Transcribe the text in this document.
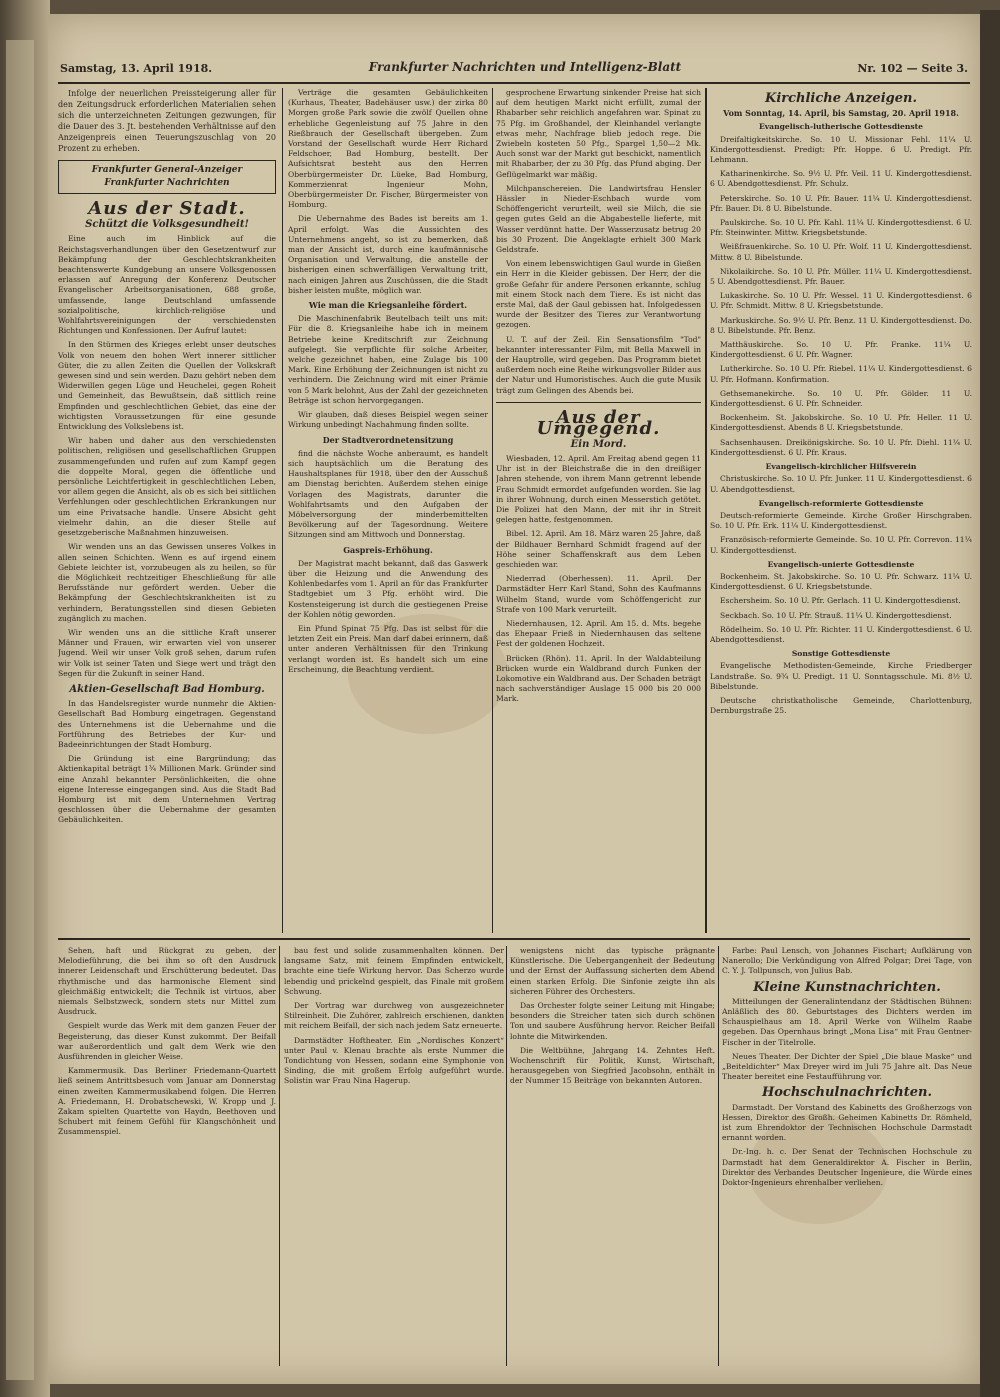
Samstag, 13. April 1918.	Frankfurter Nachrichten und Intelligenz-Blatt	Nr. 102 — Seite 3.

Infolge der neuerlichen Preissteigerung aller für den Zeitungsdruck erforderlichen Materialien sehen sich die unterzeichneten Zeitungen gezwungen, für die Dauer des 3. Jt. bestehenden Verhältnisse auf den Anzeigenpreis einen Teuerungszuschlag von 20 Prozent zu erheben.

Frankfurter General-Anzeiger
Frankfurter Nachrichten
Aus der Stadt.
Schützt die Volksgesundheit!

Eine auch im Hinblick auf die Reichstagsverhandlungen über den Gesetzentwurf zur Bekämpfung der Geschlechtskrankheiten beachtenswerte Kundgebung an unsere Volksgenossen erlassen auf Anregung der Konferenz Deutscher Evangelischer Arbeitsorganisationen, 688 große, umfassende, lange Deutschland umfassende sozialpolitische, kirchlich-religiöse und Wohlfahrtsvereinigungen der verschiedensten Richtungen und Konfessionen. Der Aufruf lautet:

In den Stürmen des Krieges erlebt unser deutsches Volk von neuem den hohen Wert innerer sittlicher Güter, die zu allen Zeiten die Quellen der Volkskraft gewesen sind und sein werden. Dazu gehört neben dem Widerwillen gegen Lüge und Heuchelei, gegen Roheit und Gemeinheit, das Bewußtsein, daß sittlich reine Empfinden und geschlechtlichen Gebiet, das eine der wichtigsten Voraussetzungen für eine gesunde Entwicklung des Volkslebens ist.

Wir haben und daher aus den verschiedensten politischen, religiösen und gesellschaftlichen Gruppen zusammengefunden und rufen auf zum Kampf gegen die doppelte Moral, gegen die öffentliche und persönliche Leichtfertigkeit in geschlechtlichen Leben, vor allem gegen die Ansicht, als ob es sich bei sittlichen Verfehlungen oder geschlechtlichen Erkrankungen nur um eine Privatsache handle. Unsere Absicht geht vielmehr dahin, an die dieser Stelle auf gesetzgeberische Maßnahmen hinzuweisen.

Wir wenden uns an das Gewissen unseres Volkes in allen seinen Schichten. Wenn es auf irgend einem Gebiete leichter ist, vorzubeugen als zu heilen, so für die Möglichkeit rechtzeitiger Eheschließung für alle Berufsstände nur gefördert werden. Ueber die Bekämpfung der Geschlechtskrankheiten ist zu verhindern, Beratungsstellen sind diesen Gebieten zugänglich zu machen.

Wir wenden uns an die sittliche Kraft unserer Männer und Frauen, wir erwarten viel von unserer Jugend. Weil wir unser Volk groß sehen, darum rufen wir Volk ist seiner Taten und Siege wert und trägt den Segen für die Zukunft in seiner Hand.

Aktien-Gesellschaft Bad Homburg.

In das Handelsregister wurde nunmehr die Aktien-Gesellschaft Bad Homburg eingetragen. Gegenstand des Unternehmens ist die Uebernahme und die Fortführung des Betriebes der Kur- und Badeeinrichtungen der Stadt Homburg.

Die Gründung ist eine Bargründung; das Aktienkapital beträgt 1¾ Millionen Mark. Gründer sind eine Anzahl bekannter Persönlichkeiten, die ohne eigene Interesse eingegangen sind. Aus die Stadt Bad Homburg ist mit dem Unternehmen Vertrag geschlossen über die Uebernahme der gesamten Gebäulichkeiten.

Verträge die gesamten Gebäulichkeiten (Kurhaus, Theater, Badehäuser usw.) der zirka 80 Morgen große Park sowie die zwölf Quellen ohne erhebliche Gegenleistung auf 75 Jahre in den Rießbrauch der Gesellschaft übergeben. Zum Vorstand der Gesellschaft wurde Herr Richard Feldschoer, Bad Homburg, bestellt. Der Aufsichtsrat besteht aus den Herren Oberbürgermeister Dr. Lüeke, Bad Homburg, Kommerzienrat Ingenieur Mohn, Oberbürgermeister Dr. Fischer, Bürgermeister von Homburg.

Die Uebernahme des Bades ist bereits am 1. April erfolgt. Was die Aussichten des Unternehmens angeht, so ist zu bemerken, daß man der Ansicht ist, durch eine kaufmännische Organisation und Verwaltung, die anstelle der bisherigen einen schwerfälligen Verwaltung tritt, nach einigen Jahren aus Zuschüssen, die die Stadt bisher leisten mußte, möglich war.

Wie man die Kriegsanleihe fördert.

Die Maschinenfabrik Beutelbach teilt uns mit: Für die 8. Kriegsanleihe habe ich in meinem Betriebe keine Kreditschrift zur Zeichnung aufgelegt. Sie verpflichte für solche Arbeiter, welche gezeichnet haben, eine Zulage bis 100 Mark. Eine Erhöhung der Zeichnungen ist nicht zu verhindern. Die Zeichnung wird mit einer Prämie von 5 Mark belohnt, Aus der Zahl der gezeichneten Beträge ist schon hervorgegangen.

Wir glauben, daß dieses Beispiel wegen seiner Wirkung unbedingt Nachahmung finden sollte.

Der Stadtverordnetensitzung

find die nächste Woche anberaumt, es handelt sich hauptsächlich um die Beratung des Haushaltsplanes für 1918, über den der Ausschuß am Dienstag berichten. Außerdem stehen einige Vorlagen des Magistrats, darunter die Wohlfahrtsamts und den Aufgaben der Möbelversorgung der minderbemittelten Bevölkerung auf der Tagesordnung. Weitere Sitzungen sind am Mittwoch und Donnerstag.

Gaspreis-Erhöhung.

Der Magistrat macht bekannt, daß das Gaswerk über die Heizung und die Anwendung des Kohlenbedarfes vom 1. April an für das Frankfurter Stadtgebiet um 3 Pfg. erhöht wird. Die Kostensteigerung ist durch die gestiegenen Preise der Kohlen nötig geworden.

Ein Pfund Spinat 75 Pfg. Das ist selbst für die letzten Zeit ein Preis. Man darf dabei erinnern, daß unter anderen Verhältnissen für den Trinkung verlangt worden ist. Es handelt sich um eine Erscheinung, die Beachtung verdient.

gesprochene Erwartung sinkender Preise hat sich auf dem heutigen Markt nicht erfüllt, zumal der Rhabarber sehr reichlich angefahren war. Spinat zu 75 Pfg. im Großhandel, der Kleinhandel verlangte etwas mehr, Nachfrage blieb jedoch rege. Die Zwiebeln kosteten 50 Pfg., Spargel 1,50—2 Mk. Auch sonst war der Markt gut beschickt, namentlich mit Rhabarber, der zu 30 Pfg. das Pfund abging. Der Geflügelmarkt war mäßig.

Milchpanschereien. Die Landwirtsfrau Hensler Hässler in Nieder-Eschbach wurde vom Schöffengericht verurteilt, weil sie Milch, die sie gegen gutes Geld an die Abgabestelle lieferte, mit Wasser verdünnt hatte. Der Wasserzusatz betrug 20 bis 30 Prozent. Die Angeklagte erhielt 300 Mark Geldstrafe.

Von einem lebenswichtigen Gaul wurde in Gießen ein Herr in die Kleider gebissen. Der Herr, der die große Gefahr für andere Personen erkannte, schlug mit einem Stock nach dem Tiere. Es ist nicht das erste Mal, daß der Gaul gebissen hat. Infolgedessen wurde der Besitzer des Tieres zur Verantwortung gezogen.

U. T. auf der Zeil. Ein Sensationsfilm "Tod" bekannter interessanter Film, mit Bella Maxwell in der Hauptrolle, wird gegeben. Das Programm bietet außerdem noch eine Reihe wirkungsvoller Bilder aus der Natur und Humoristisches. Auch die gute Musik trägt zum Gelingen des Abends bei.

Aus der Umgegend.
Ein Mord.

Wiesbaden, 12. April. Am Freitag abend gegen 11 Uhr ist in der Bleichstraße die in den dreißiger Jahren stehende, von ihrem Mann getrennt lebende Frau Schmidt ermordet aufgefunden worden. Sie lag in ihrer Wohnung, durch einen Messerstich getötet. Die Polizei hat den Mann, der mit ihr in Streit gelegen hatte, festgenommen.

Bibel. 12. April. Am 18. März waren 25 Jahre, daß der Bildhauer Bernhard Schmidt fragend auf der Höhe seiner Schaffenskraft aus dem Leben geschieden war.

Niederrad (Oberhessen). 11. April. Der Darmstädter Herr Karl Stand, Sohn des Kaufmanns Wilhelm Stand, wurde vom Schöffengericht zur Strafe von 100 Mark verurteilt.

Niedernhausen, 12. April. Am 15. d. Mts. begehe das Ehepaar Frieß in Niedernhausen das seltene Fest der goldenen Hochzeit.

Brücken (Rhön). 11. April. In der Waldabteilung Brücken wurde ein Waldbrand durch Funken der Lokomotive ein Waldbrand aus. Der Schaden beträgt nach sachverständiger Auslage 15 000 bis 20 000 Mark.

Kirchliche Anzeigen.
Vom Sonntag, 14. April, bis Samstag, 20. April 1918.
Evangelisch-lutherische Gottesdienste

Dreifaltigkeitskirche. So. 10 U. Missionar Fehl. 11¼ U. Kindergottesdienst. Predigt: Pfr. Hoppe. 6 U. Predigt. Pfr. Lehmann.

Katharinenkirche. So. 9½ U. Pfr. Veil. 11 U. Kindergottesdienst. 6 U. Abendgottesdienst. Pfr. Schulz.

Peterskirche. So. 10 U. Pfr. Bauer. 11¼ U. Kindergottesdienst. Pfr. Bauer. Di. 8 U. Bibelstunde.

Paulskirche. So. 10 U. Pfr. Kahl. 11¼ U. Kindergottesdienst. 6 U. Pfr. Steinwinter. Mittw. Kriegsbetstunde.

Weißfrauenkirche. So. 10 U. Pfr. Wolf. 11 U. Kindergottesdienst. Mittw. 8 U. Bibelstunde.

Nikolaikirche. So. 10 U. Pfr. Müller. 11¼ U. Kindergottesdienst. 5 U. Abendgottesdienst. Pfr. Bauer.

Lukaskirche. So. 10 U. Pfr. Wessel. 11 U. Kindergottesdienst. 6 U. Pfr. Schmidt. Mittw. 8 U. Kriegsbetstunde.

Markuskirche. So. 9½ U. Pfr. Benz. 11 U. Kindergottesdienst. Do. 8 U. Bibelstunde. Pfr. Benz.

Matthäuskirche. So. 10 U. Pfr. Franke. 11¼ U. Kindergottesdienst. 6 U. Pfr. Wagner.

Lutherkirche. So. 10 U. Pfr. Riebel. 11¼ U. Kindergottesdienst. 6 U. Pfr. Hofmann. Konfirmation.

Gethsemanekirche. So. 10 U. Pfr. Gölder. 11 U. Kindergottesdienst. 6 U. Pfr. Schneider.

Bockenheim. St. Jakobskirche. So. 10 U. Pfr. Heller. 11 U. Kindergottesdienst. Abends 8 U. Kriegsbetstunde.

Sachsenhausen. Dreikönigskirche. So. 10 U. Pfr. Diehl. 11¼ U. Kindergottesdienst. 6 U. Pfr. Kraus.

Evangelisch-kirchlicher Hilfsverein

Christuskirche. So. 10 U. Pfr. Junker. 11 U. Kindergottesdienst. 6 U. Abendgottesdienst.

Evangelisch-reformierte Gottesdienste

Deutsch-reformierte Gemeinde. Kirche Großer Hirschgraben. So. 10 U. Pfr. Erk. 11¼ U. Kindergottesdienst.

Französisch-reformierte Gemeinde. So. 10 U. Pfr. Correvon. 11¼ U. Kindergottesdienst.

Evangelisch-unierte Gottesdienste

Bockenheim. St. Jakobskirche. So. 10 U. Pfr. Schwarz. 11¼ U. Kindergottesdienst. 6 U. Kriegsbetstunde.

Eschersheim. So. 10 U. Pfr. Gerlach. 11 U. Kindergottesdienst.

Seckbach. So. 10 U. Pfr. Strauß. 11¼ U. Kindergottesdienst.

Rödelheim. So. 10 U. Pfr. Richter. 11 U. Kindergottesdienst. 6 U. Abendgottesdienst.

Sonstige Gottesdienste

Evangelische Methodisten-Gemeinde, Kirche Friedberger Landstraße. So. 9¾ U. Predigt. 11 U. Sonntagsschule. Mi. 8½ U. Bibelstunde.

Deutsche christkatholische Gemeinde, Charlottenburg, Dernburgstraße 25.

Sehen, haft und Rückgrat zu geben, der Melodieführung, die bei ihm so oft den Ausdruck innerer Leidenschaft und Erschütterung bedeutet. Das rhythmische und das harmonische Element sind gleichmäßig entwickelt; die Technik ist virtuos, aber niemals Selbstzweck, sondern stets nur Mittel zum Ausdruck.

Gespielt wurde das Werk mit dem ganzen Feuer der Begeisterung, das dieser Kunst zukommt. Der Beifall war außerordentlich und galt dem Werk wie den Ausführenden in gleicher Weise.

Kammermusik. Das Berliner Friedemann-Quartett ließ seinem Antrittsbesuch vom Januar am Donnerstag einen zweiten Kammermusikabend folgen. Die Herren A. Friedemann, H. Drobatschewski, W. Kropp und J. Zakam spielten Quartette von Haydn, Beethoven und Schubert mit feinem Gefühl für Klangschönheit und Zusammenspiel.

bau fest und solide zusammenhalten können. Der langsame Satz, mit feinem Empfinden entwickelt, brachte eine tiefe Wirkung hervor. Das Scherzo wurde lebendig und prickelnd gespielt, das Finale mit großem Schwung.

Der Vortrag war durchweg von ausgezeichneter Stilreinheit. Die Zuhörer, zahlreich erschienen, dankten mit reichem Beifall, der sich nach jedem Satz erneuerte.

Darmstädter Hoftheater. Ein „Nordisches Konzert“ unter Paul v. Klenau brachte als erste Nummer die Tondichtung von Hessen, sodann eine Symphonie von Sinding, die mit großem Erfolg aufgeführt wurde. Solistin war Frau Nina Hagerup.

wenigstens nicht das typische prägnante Künstlerische. Die Uebergangenheit der Bedeutung und der Ernst der Auffassung sicherten dem Abend einen starken Erfolg. Die Sinfonie zeigte ihn als sicheren Führer des Orchesters.

Das Orchester folgte seiner Leitung mit Hingabe; besonders die Streicher taten sich durch schönen Ton und saubere Ausführung hervor. Reicher Beifall lohnte die Mitwirkenden.

Die Weltbühne, Jahrgang 14. Zehntes Heft. Wochenschrift für Politik, Kunst, Wirtschaft, herausgegeben von Siegfried Jacobsohn, enthält in der Nummer 15 Beiträge von bekannten Autoren.

Farbe: Paul Lensch, von Johannes Fischart; Aufklärung von Nanerollo; Die Verkündigung von Alfred Polgar; Drei Tage, von C. Y. J. Tollpunsch, von Julius Bab.

Kleine Kunstnachrichten.

Mitteilungen der Generalintendanz der Städtischen Bühnen: Anläßlich des 80. Geburtstages des Dichters werden im Schauspielhaus am 18. April Werke von Wilhelm Raabe gegeben. Das Opernhaus bringt „Mona Lisa“ mit Frau Gentner-Fischer in der Titelrolle.

Neues Theater. Der Dichter der Spiel „Die blaue Maske“ und „Beiteldichter“ Max Dreyer wird im Juli 75 Jahre alt. Das Neue Theater bereitet eine Festaufführung vor.

Hochschulnachrichten.

Darmstadt. Der Vorstand des Kabinetts des Großherzogs von Hessen, Direktor des Großh. Geheimen Kabinetts Dr. Römheld, ist zum Ehrendoktor der Technischen Hochschule Darmstadt ernannt worden.

Dr.-Ing. h. c. Der Senat der Technischen Hochschule zu Darmstadt hat dem Generaldirektor A. Fischer in Berlin, Direktor des Verbandes Deutscher Ingenieure, die Würde eines Doktor-Ingenieurs ehrenhalber verliehen.
